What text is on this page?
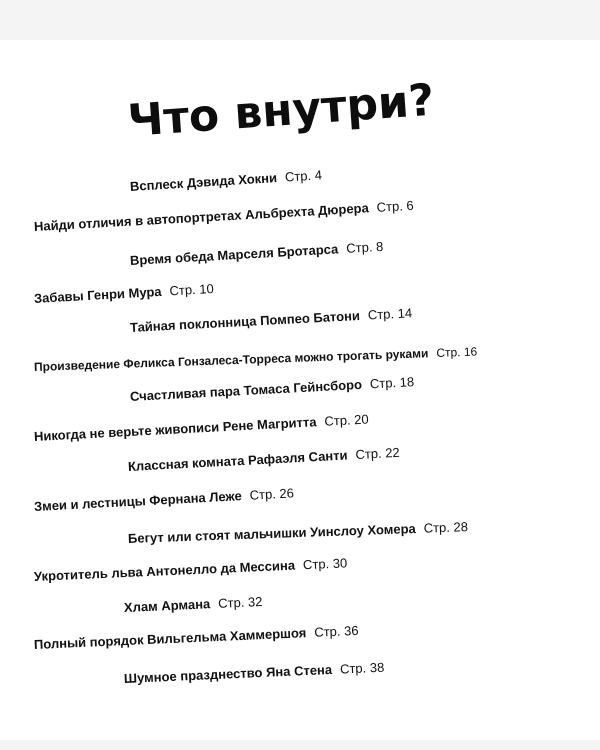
Что внутри?
Всплеск Дэвида Хокни Стр. 4
Найди отличия в автопортретах Альбрехта Дюрера Стр. 6
Время обеда Марселя Бротарса Стр. 8
Забавы Генри Мура Стр. 10
Тайная поклонница Помпео Батони Стр. 14
Произведение Феликса Гонзалеса-Торреса можно трогать руками Стр. 16
Счастливая пара Томаса Гейнсборо Стр. 18
Никогда не верьте живописи Рене Магритта Стр. 20
Классная комната Рафаэля Санти Стр. 22
Змеи и лестницы Фернана Леже Стр. 26
Бегут или стоят мальчишки Уинслоу Хомера Стр. 28
Укротитель льва Антонелло да Мессина Стр. 30
Хлам Армана Стр. 32
Полный порядок Вильгельма Хаммершоя Стр. 36
Шумное празднество Яна Стена Стр. 38
